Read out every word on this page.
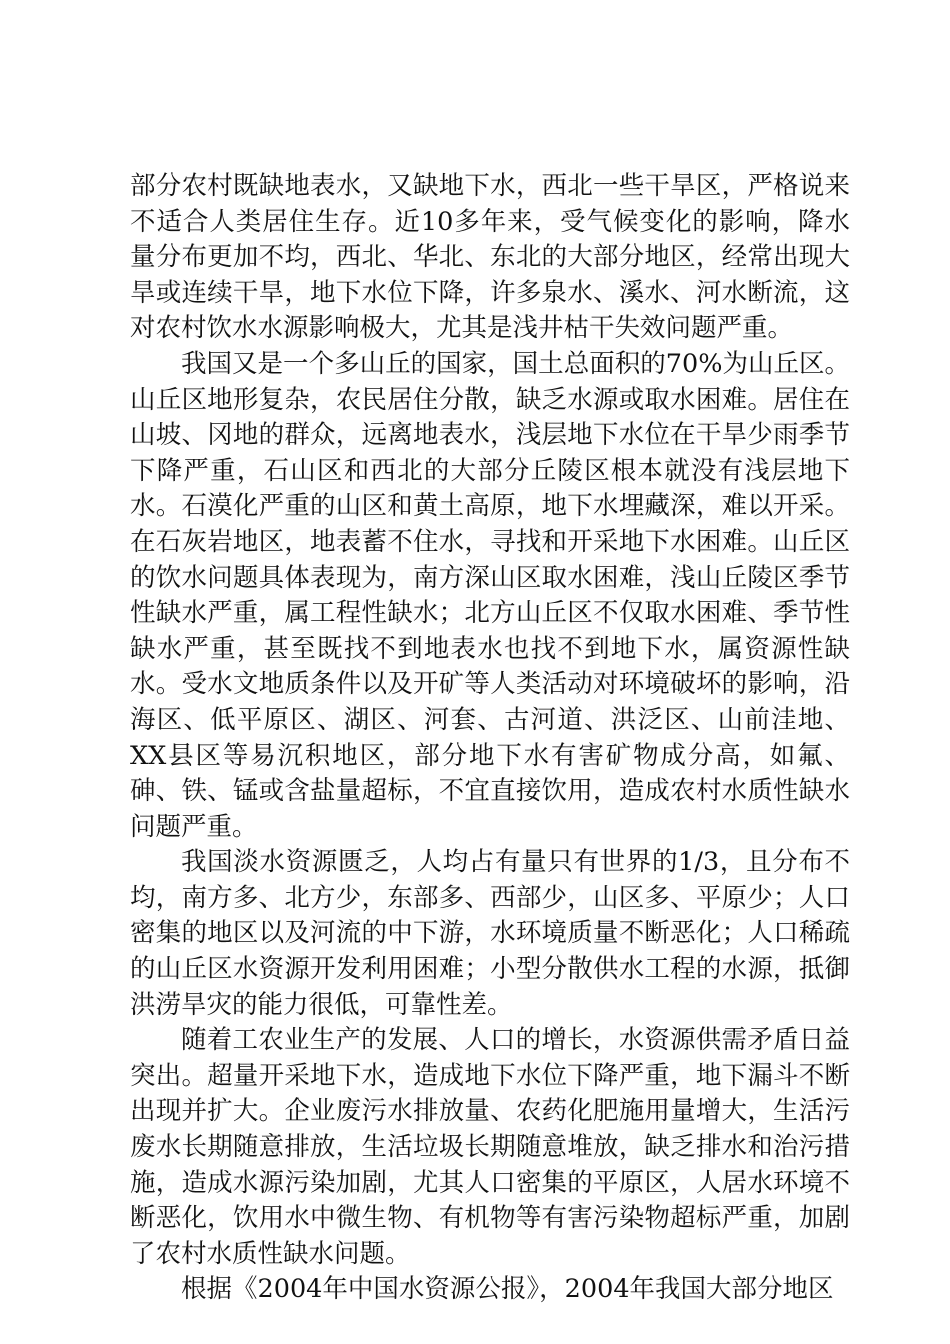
部分农村既缺地表水，又缺地下水，西北一些干旱区，严格说来不适合人类居住生存。近10多年来，受气候变化的影响，降水量分布更加不均，西北、华北、东北的大部分地区，经常出现大旱或连续干旱，地下水位下降，许多泉水、溪水、河水断流，这对农村饮水水源影响极大，尤其是浅井枯干失效问题严重。

我国又是一个多山丘的国家，国土总面积的70%为山丘区。山丘区地形复杂，农民居住分散，缺乏水源或取水困难。居住在山坡、冈地的群众，远离地表水，浅层地下水位在干旱少雨季节下降严重，石山区和西北的大部分丘陵区根本就没有浅层地下水。石漠化严重的山区和黄土高原，地下水埋藏深，难以开采。在石灰岩地区，地表蓄不住水，寻找和开采地下水困难。山丘区的饮水问题具体表现为，南方深山区取水困难，浅山丘陵区季节性缺水严重，属工程性缺水；北方山丘区不仅取水困难、季节性缺水严重，甚至既找不到地表水也找不到地下水，属资源性缺水。受水文地质条件以及开矿等人类活动对环境破坏的影响，沿海区、低平原区、湖区、河套、古河道、洪泛区、山前洼地、XX县区等易沉积地区，部分地下水有害矿物成分高，如氟、砷、铁、锰或含盐量超标，不宜直接饮用，造成农村水质性缺水问题严重。

我国淡水资源匮乏，人均占有量只有世界的1/3，且分布不均，南方多、北方少，东部多、西部少，山区多、平原少；人口密集的地区以及河流的中下游，水环境质量不断恶化；人口稀疏的山丘区水资源开发利用困难；小型分散供水工程的水源，抵御洪涝旱灾的能力很低，可靠性差。

随着工农业生产的发展、人口的增长，水资源供需矛盾日益突出。超量开采地下水，造成地下水位下降严重，地下漏斗不断出现并扩大。企业废污水排放量、农药化肥施用量增大，生活污废水长期随意排放，生活垃圾长期随意堆放，缺乏排水和治污措施，造成水源污染加剧，尤其人口密集的平原区，人居水环境不断恶化，饮用水中微生物、有机物等有害污染物超标严重，加剧了农村水质性缺水问题。

根据《2004年中国水资源公报》，2004年我国大部分地区
